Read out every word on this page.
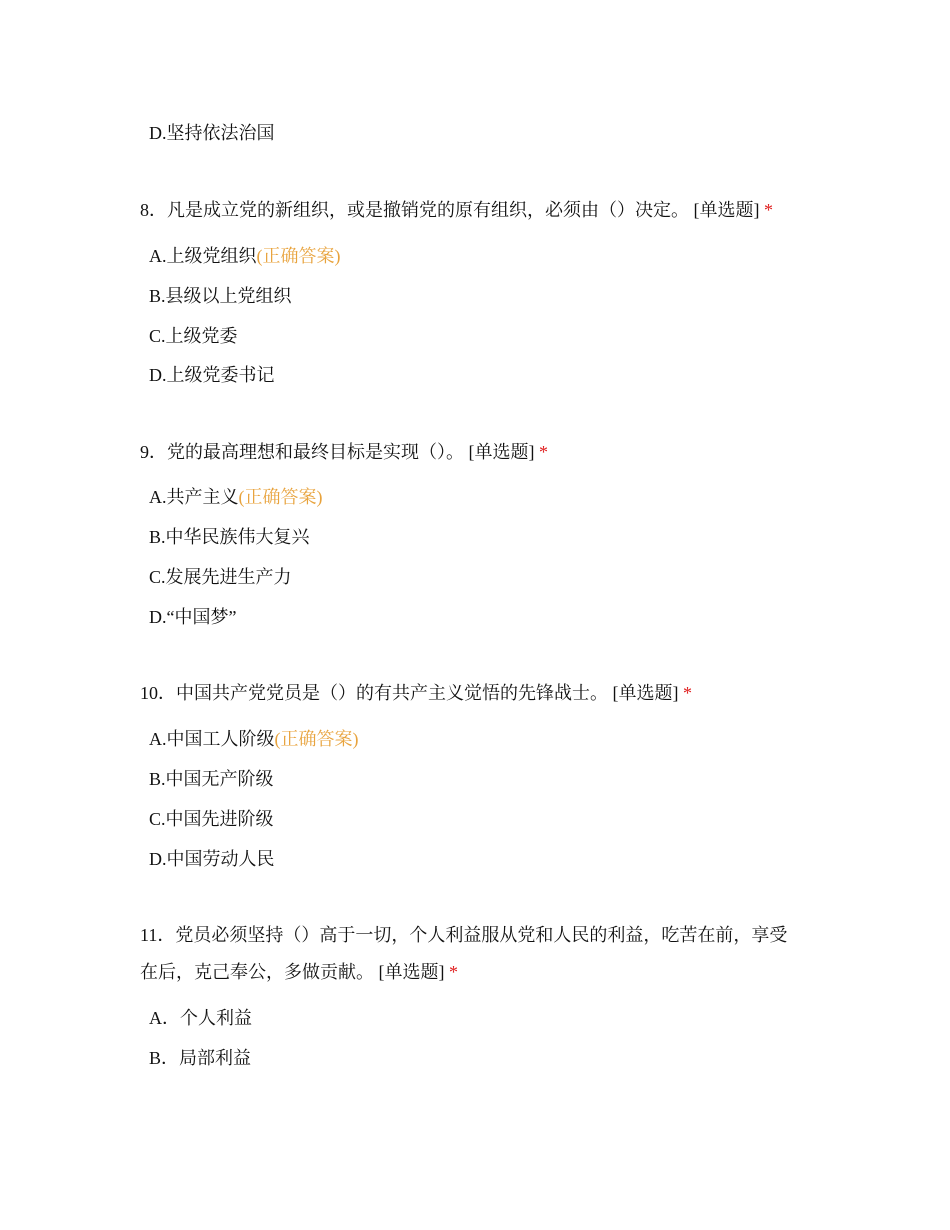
D.坚持依法治国
8．凡是成立党的新组织，或是撤销党的原有组织，必须由（）决定。 [单选题] *
A.上级党组织(正确答案)
B.县级以上党组织
C.上级党委
D.上级党委书记
9．党的最高理想和最终目标是实现（）。 [单选题] *
A.共产主义(正确答案)
B.中华民族伟大复兴
C.发展先进生产力
D.“中国梦”
10．中国共产党党员是（）的有共产主义觉悟的先锋战士。 [单选题] *
A.中国工人阶级(正确答案)
B.中国无产阶级
C.中国先进阶级
D.中国劳动人民
11．党员必须坚持（）高于一切，个人利益服从党和人民的利益，吃苦在前，享受
在后，克己奉公，多做贡献。 [单选题] *
A．个人利益
B．局部利益
